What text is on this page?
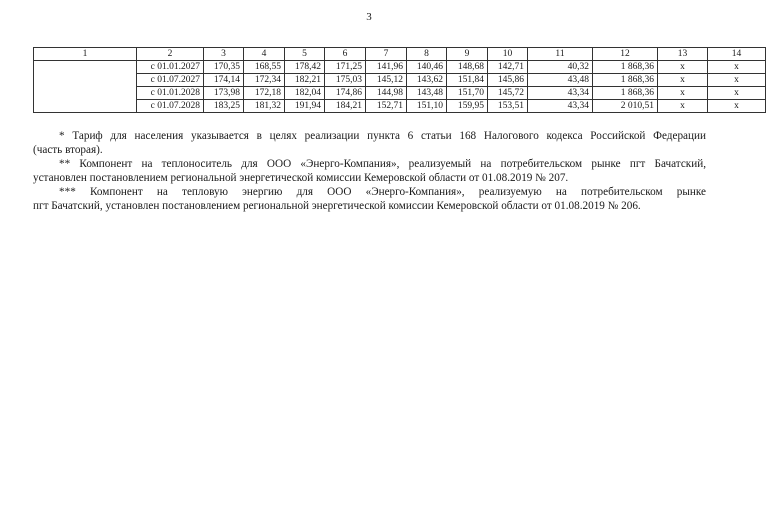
3
1	2	3	4	5	6	7	8	9	10	11	12	13	14
	с 01.01.2027	170,35	168,55	178,42	171,25	141,96	140,46	148,68	142,71	40,32	1 868,36	х	х
	с 01.07.2027	174,14	172,34	182,21	175,03	145,12	143,62	151,84	145,86	43,48	1 868,36	х	х
	с 01.01.2028	173,98	172,18	182,04	174,86	144,98	143,48	151,70	145,72	43,34	1 868,36	х	х
	с 01.07.2028	183,25	181,32	191,94	184,21	152,71	151,10	159,95	153,51	43,34	2 010,51	х	х
* Тариф для населения указывается в целях реализации пункта 6 статьи 168 Налогового кодекса Российской Федерации
(часть вторая).
** Компонент на теплоноситель для ООО «Энерго-Компания», реализуемый на потребительском рынке пгт Бачатский,
установлен постановлением региональной энергетической комиссии Кемеровской области от 01.08.2019 № 207.
*** Компонент на тепловую энергию для ООО «Энерго-Компания», реализуемую на потребительском рынке
пгт Бачатский, установлен постановлением региональной энергетической комиссии Кемеровской области от 01.08.2019 № 206.
